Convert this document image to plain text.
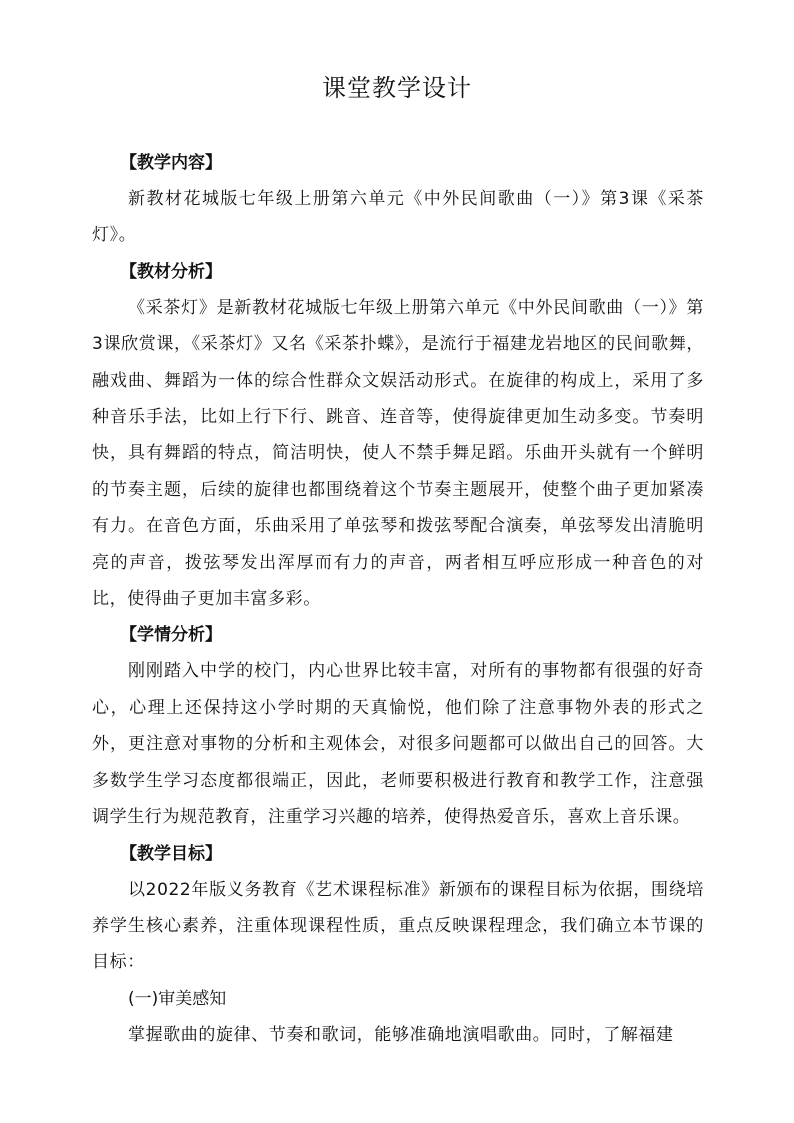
课堂教学设计

【教学内容】

新教材花城版七年级上册第六单元《中外民间歌曲（一）》第3课《采茶灯》。

【教材分析】

《采茶灯》是新教材花城版七年级上册第六单元《中外民间歌曲（一）》第3课欣赏课，《采茶灯》又名《采茶扑蝶》，是流行于福建龙岩地区的民间歌舞，融戏曲、舞蹈为一体的综合性群众文娱活动形式。在旋律的构成上，采用了多种音乐手法，比如上行下行、跳音、连音等，使得旋律更加生动多变。节奏明快，具有舞蹈的特点，简洁明快，使人不禁手舞足蹈。乐曲开头就有一个鲜明的节奏主题，后续的旋律也都围绕着这个节奏主题展开，使整个曲子更加紧凑有力。在音色方面，乐曲采用了单弦琴和拨弦琴配合演奏，单弦琴发出清脆明亮的声音，拨弦琴发出浑厚而有力的声音，两者相互呼应形成一种音色的对比，使得曲子更加丰富多彩。

【学情分析】

刚刚踏入中学的校门，内心世界比较丰富，对所有的事物都有很强的好奇心，心理上还保持这小学时期的天真愉悦，他们除了注意事物外表的形式之外，更注意对事物的分析和主观体会，对很多问题都可以做出自己的回答。大多数学生学习态度都很端正，因此，老师要积极进行教育和教学工作，注意强调学生行为规范教育，注重学习兴趣的培养，使得热爱音乐，喜欢上音乐课。

【教学目标】

以2022年版义务教育《艺术课程标准》新颁布的课程目标为依据，围绕培养学生核心素养，注重体现课程性质，重点反映课程理念，我们确立本节课的目标：

(一)审美感知

掌握歌曲的旋律、节奏和歌词，能够准确地演唱歌曲。同时，了解福建
